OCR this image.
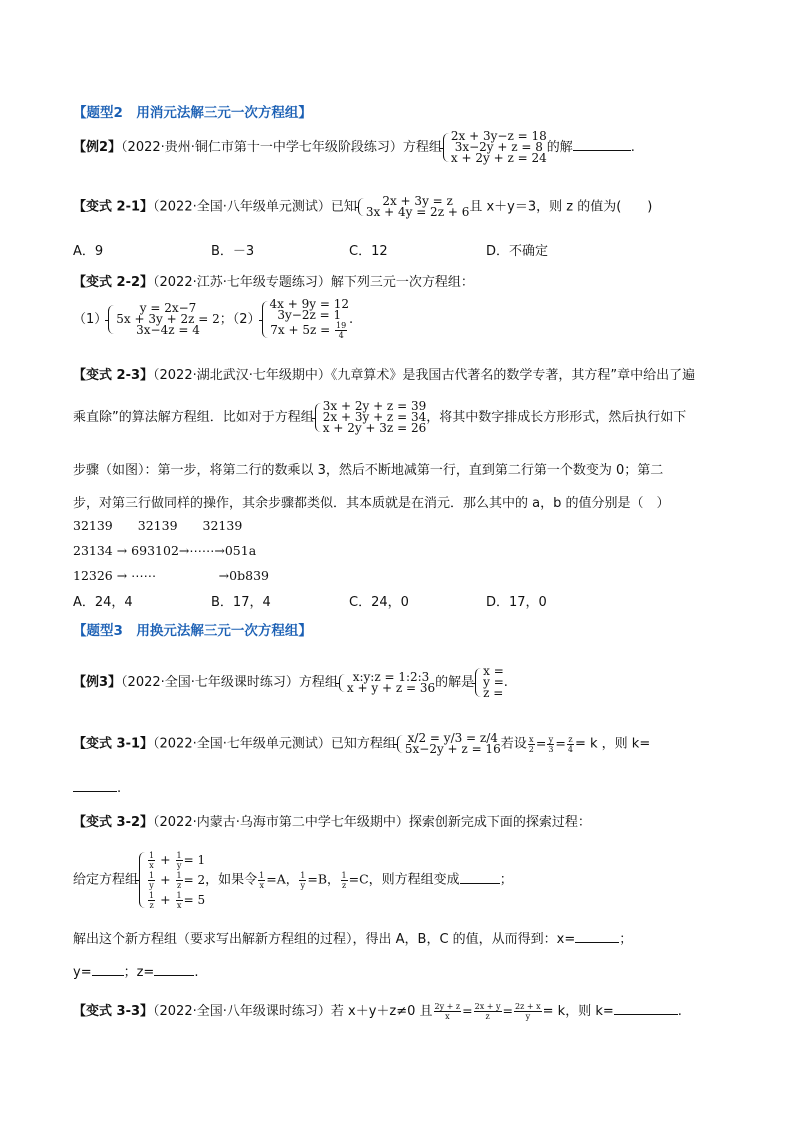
【题型2　用消元法解三元一次方程组】
【例2】（2022·贵州·铜仁市第十一中学七年级阶段练习）方程组
2x + 3y−z = 18
3x−2y + z = 8
x + 2y + z = 24
的解	.
【变式 2-1】（2022·全国·八年级单元测试）已知	2x + 3y = z
3x + 4y = 2z + 6 且 x＋y＝3，则 z 的值为(　　)
A．9	B．－3	C．12	D．不确定
【变式 2-2】（2022·江苏·七年级专题练习）解下列三元一次方程组：
（1）
y = 2x−7
5x + 3y + 2z = 2
3x−4z = 4
；（2）
4x + 9y = 12
3y−2z = 1
$7x + 5z = \frac{19}{4}$
.
【变式 2-3】（2022·湖北武汉·七年级期中）《九章算术》是我国古代著名的数学专著，其方程”章中给出了遍
乘直除”的算法解方程组．比如对于方程组
3x + 2y + z = 39
2x + 3y + z = 34
x + 2y + 3z = 26
，将其中数字排成长方形形式，然后执行如下
步骤（如图）：第一步，将第二行的数乘以 3，然后不断地减第一行，直到第二行第一个数变为 0；第二
步，对第三行做同样的操作，其余步骤都类似．其本质就是在消元．那么其中的 a，b 的值分别是（　）
32139　　32139　　32139
23134 → 693102→⋯⋯→051a
12326 → ⋯⋯　　　　　→0b839
A．24，4	B．17，4	C．24，0	D．17，0
【题型3　用换元法解三元一次方程组】
【例3】（2022·全国·七年级课时练习）方程组	x:y:z = 1:2:3
x + y + z = 36 的解是
x =
y =
z =
.
【变式 3-1】（2022·全国·七年级单元测试）已知方程组 x/2 = y/3 = z/4
5x−2y + z = 16 若设 $\frac{x}{2} = \frac{y}{3} = \frac{z}{4} = k$ ，则 k=
.
【变式 3-2】（2022·内蒙古·乌海市第二中学七年级期中）探索创新完成下面的探索过程：
给定方程组
$\frac{1}{x} + \frac{1}{y} = 1$
$\frac{1}{y} + \frac{1}{z} = 2$
$\frac{1}{z} + \frac{1}{x} = 5$
，如果令 $\frac{1}{x} =A$， $\frac{1}{y} =B$， $\frac{1}{z} =C$，则方程组变成	；
解出这个新方程组（要求写出解新方程组的过程），得出 A，B，C 的值，从而得到：x=	；
y= ；z=	.
【变式 3-3】（2022·全国·八年级课时练习）若 x＋y＋z≠0 且 $\frac{2y + z}{x} = \frac{2x + y}{z} = \frac{2z + x}{y} = k$，则 k=	.
